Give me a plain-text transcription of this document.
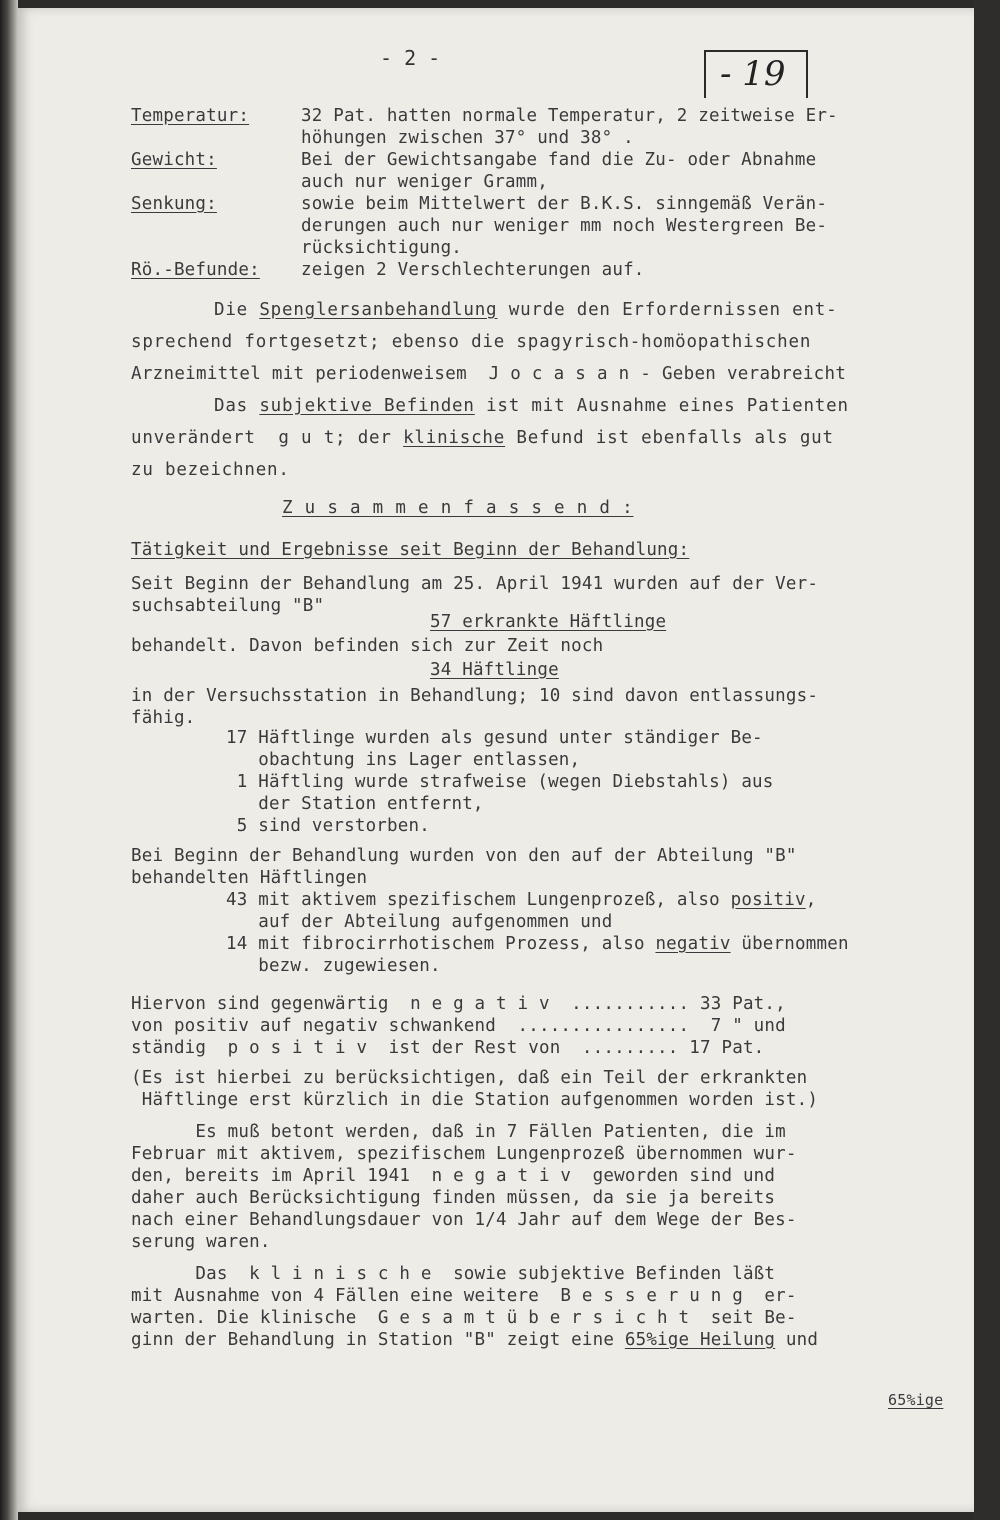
- 2 -	- 19
Temperatur:	32 Pat. hatten normale Temperatur, 2 zeitweise Er-
höhungen zwischen 37° und 38° .
Gewicht:	Bei der Gewichtsangabe fand die Zu- oder Abnahme
auch nur weniger Gramm,
Senkung:	sowie beim Mittelwert der B.K.S. sinngemäß Verän-
derungen auch nur weniger mm noch Westergreen Be-
rücksichtigung.
Rö.-Befunde: zeigen 2 Verschlechterungen auf.
Die Spenglersanbehandlung wurde den Erfordernissen ent-
sprechend fortgesetzt; ebenso die spagyrisch-homöopathischen
Arzneimittel mit periodenweisem  J o c a s a n - Geben verabreicht
Das subjektive Befinden ist mit Ausnahme eines Patienten
unverändert  g u t; der klinische Befund ist ebenfalls als gut
zu bezeichnen.
Z u s a m m e n f a s s e n d :
Tätigkeit und Ergebnisse seit Beginn der Behandlung:
Seit Beginn der Behandlung am 25. April 1941 wurden auf der Ver-
suchsabteilung "B"
57 erkrankte Häftlinge
behandelt. Davon befinden sich zur Zeit noch
34 Häftlinge
in der Versuchsstation in Behandlung; 10 sind davon entlassungs-
fähig.
17 Häftlinge wurden als gesund unter ständiger Be-
obachtung ins Lager entlassen,
1 Häftling wurde strafweise (wegen Diebstahls) aus
der Station entfernt,
5 sind verstorben.
Bei Beginn der Behandlung wurden von den auf der Abteilung "B"
behandelten Häftlingen
43 mit aktivem spezifischem Lungenprozeß, also positiv,
auf der Abteilung aufgenommen und
14 mit fibrocirrhotischem Prozess, also negativ übernommen
bezw. zugewiesen.
Hiervon sind gegenwärtig  n e g a t i v  ........... 33 Pat.,
von positiv auf negativ schwankend  ................  7 " und
ständig  p o s i t i v  ist der Rest von  ......... 17 Pat.
(Es ist hierbei zu berücksichtigen, daß ein Teil der erkrankten
Häftlinge erst kürzlich in die Station aufgenommen worden ist.)
Es muß betont werden, daß in 7 Fällen Patienten, die im
Februar mit aktivem, spezifischem Lungenprozeß übernommen wur-
den, bereits im April 1941  n e g a t i v  geworden sind und
daher auch Berücksichtigung finden müssen, da sie ja bereits
nach einer Behandlungsdauer von 1/4 Jahr auf dem Wege der Bes-
serung waren.
Das  k l i n i s c h e  sowie subjektive Befinden läßt
mit Ausnahme von 4 Fällen eine weitere  B e s s e r u n g  er-
warten. Die klinische  G e s a m t ü b e r s i c h t  seit Be-
ginn der Behandlung in Station "B" zeigt eine 65%ige Heilung und
65%ige
